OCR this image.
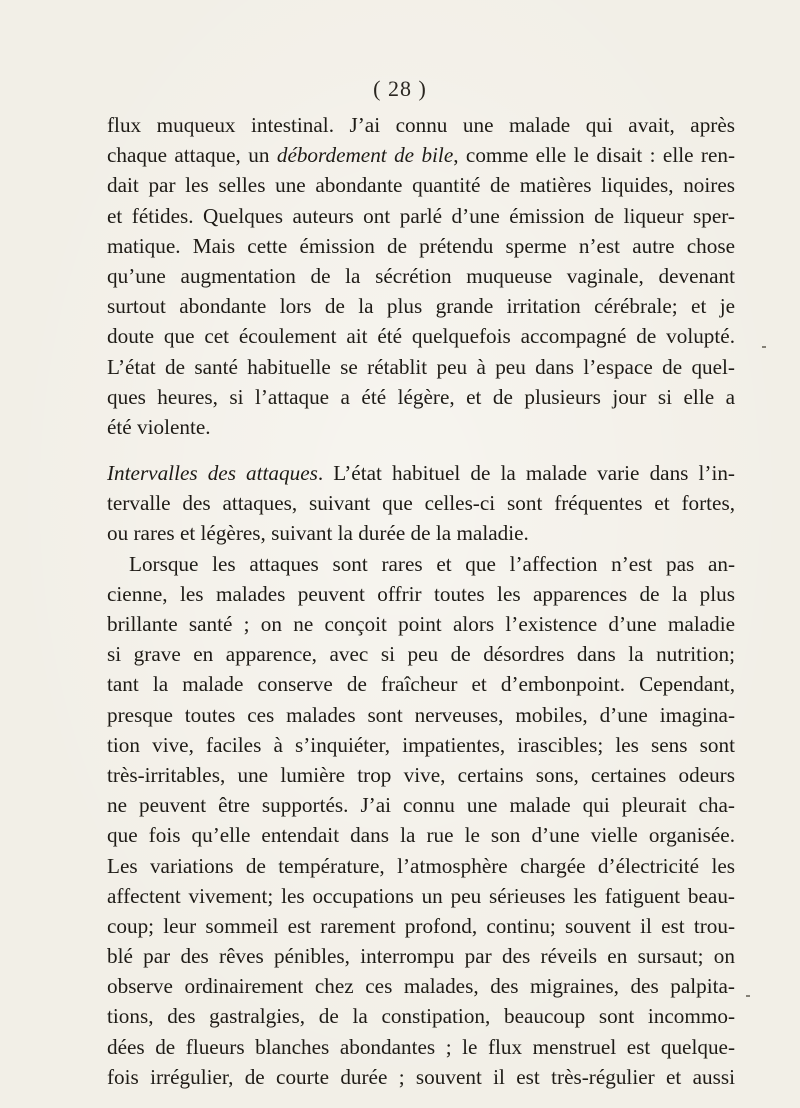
( 28 )
flux muqueux intestinal. J’ai connu une malade qui avait, après
chaque attaque, un débordement de bile, comme elle le disait : elle ren-
dait par les selles une abondante quantité de matières liquides, noires
et fétides. Quelques auteurs ont parlé d’une émission de liqueur sper-
matique. Mais cette émission de prétendu sperme n’est autre chose
qu’une augmentation de la sécrétion muqueuse vaginale, devenant
surtout abondante lors de la plus grande irritation cérébrale; et je
doute que cet écoulement ait été quelquefois accompagné de volupté.
L’état de santé habituelle se rétablit peu à peu dans l’espace de quel-
ques heures, si l’attaque a été légère, et de plusieurs jour si elle a
été violente.
Intervalles des attaques. L’état habituel de la malade varie dans l’in-
tervalle des attaques, suivant que celles-ci sont fréquentes et fortes,
ou rares et légères, suivant la durée de la maladie.
Lorsque les attaques sont rares et que l’affection n’est pas an-
cienne, les malades peuvent offrir toutes les apparences de la plus
brillante santé ; on ne conçoit point alors l’existence d’une maladie
si grave en apparence, avec si peu de désordres dans la nutrition;
tant la malade conserve de fraîcheur et d’embonpoint. Cependant,
presque toutes ces malades sont nerveuses, mobiles, d’une imagina-
tion vive, faciles à s’inquiéter, impatientes, irascibles; les sens sont
très-irritables, une lumière trop vive, certains sons, certaines odeurs
ne peuvent être supportés. J’ai connu une malade qui pleurait cha-
que fois qu’elle entendait dans la rue le son d’une vielle organisée.
Les variations de température, l’atmosphère chargée d’électricité les
affectent vivement; les occupations un peu sérieuses les fatiguent beau-
coup; leur sommeil est rarement profond, continu; souvent il est trou-
blé par des rêves pénibles, interrompu par des réveils en sursaut; on
observe ordinairement chez ces malades, des migraines, des palpita-
tions, des gastralgies, de la constipation, beaucoup sont incommo-
dées de flueurs blanches abondantes ; le flux menstruel est quelque-
fois irrégulier, de courte durée ; souvent il est très-régulier et aussi
